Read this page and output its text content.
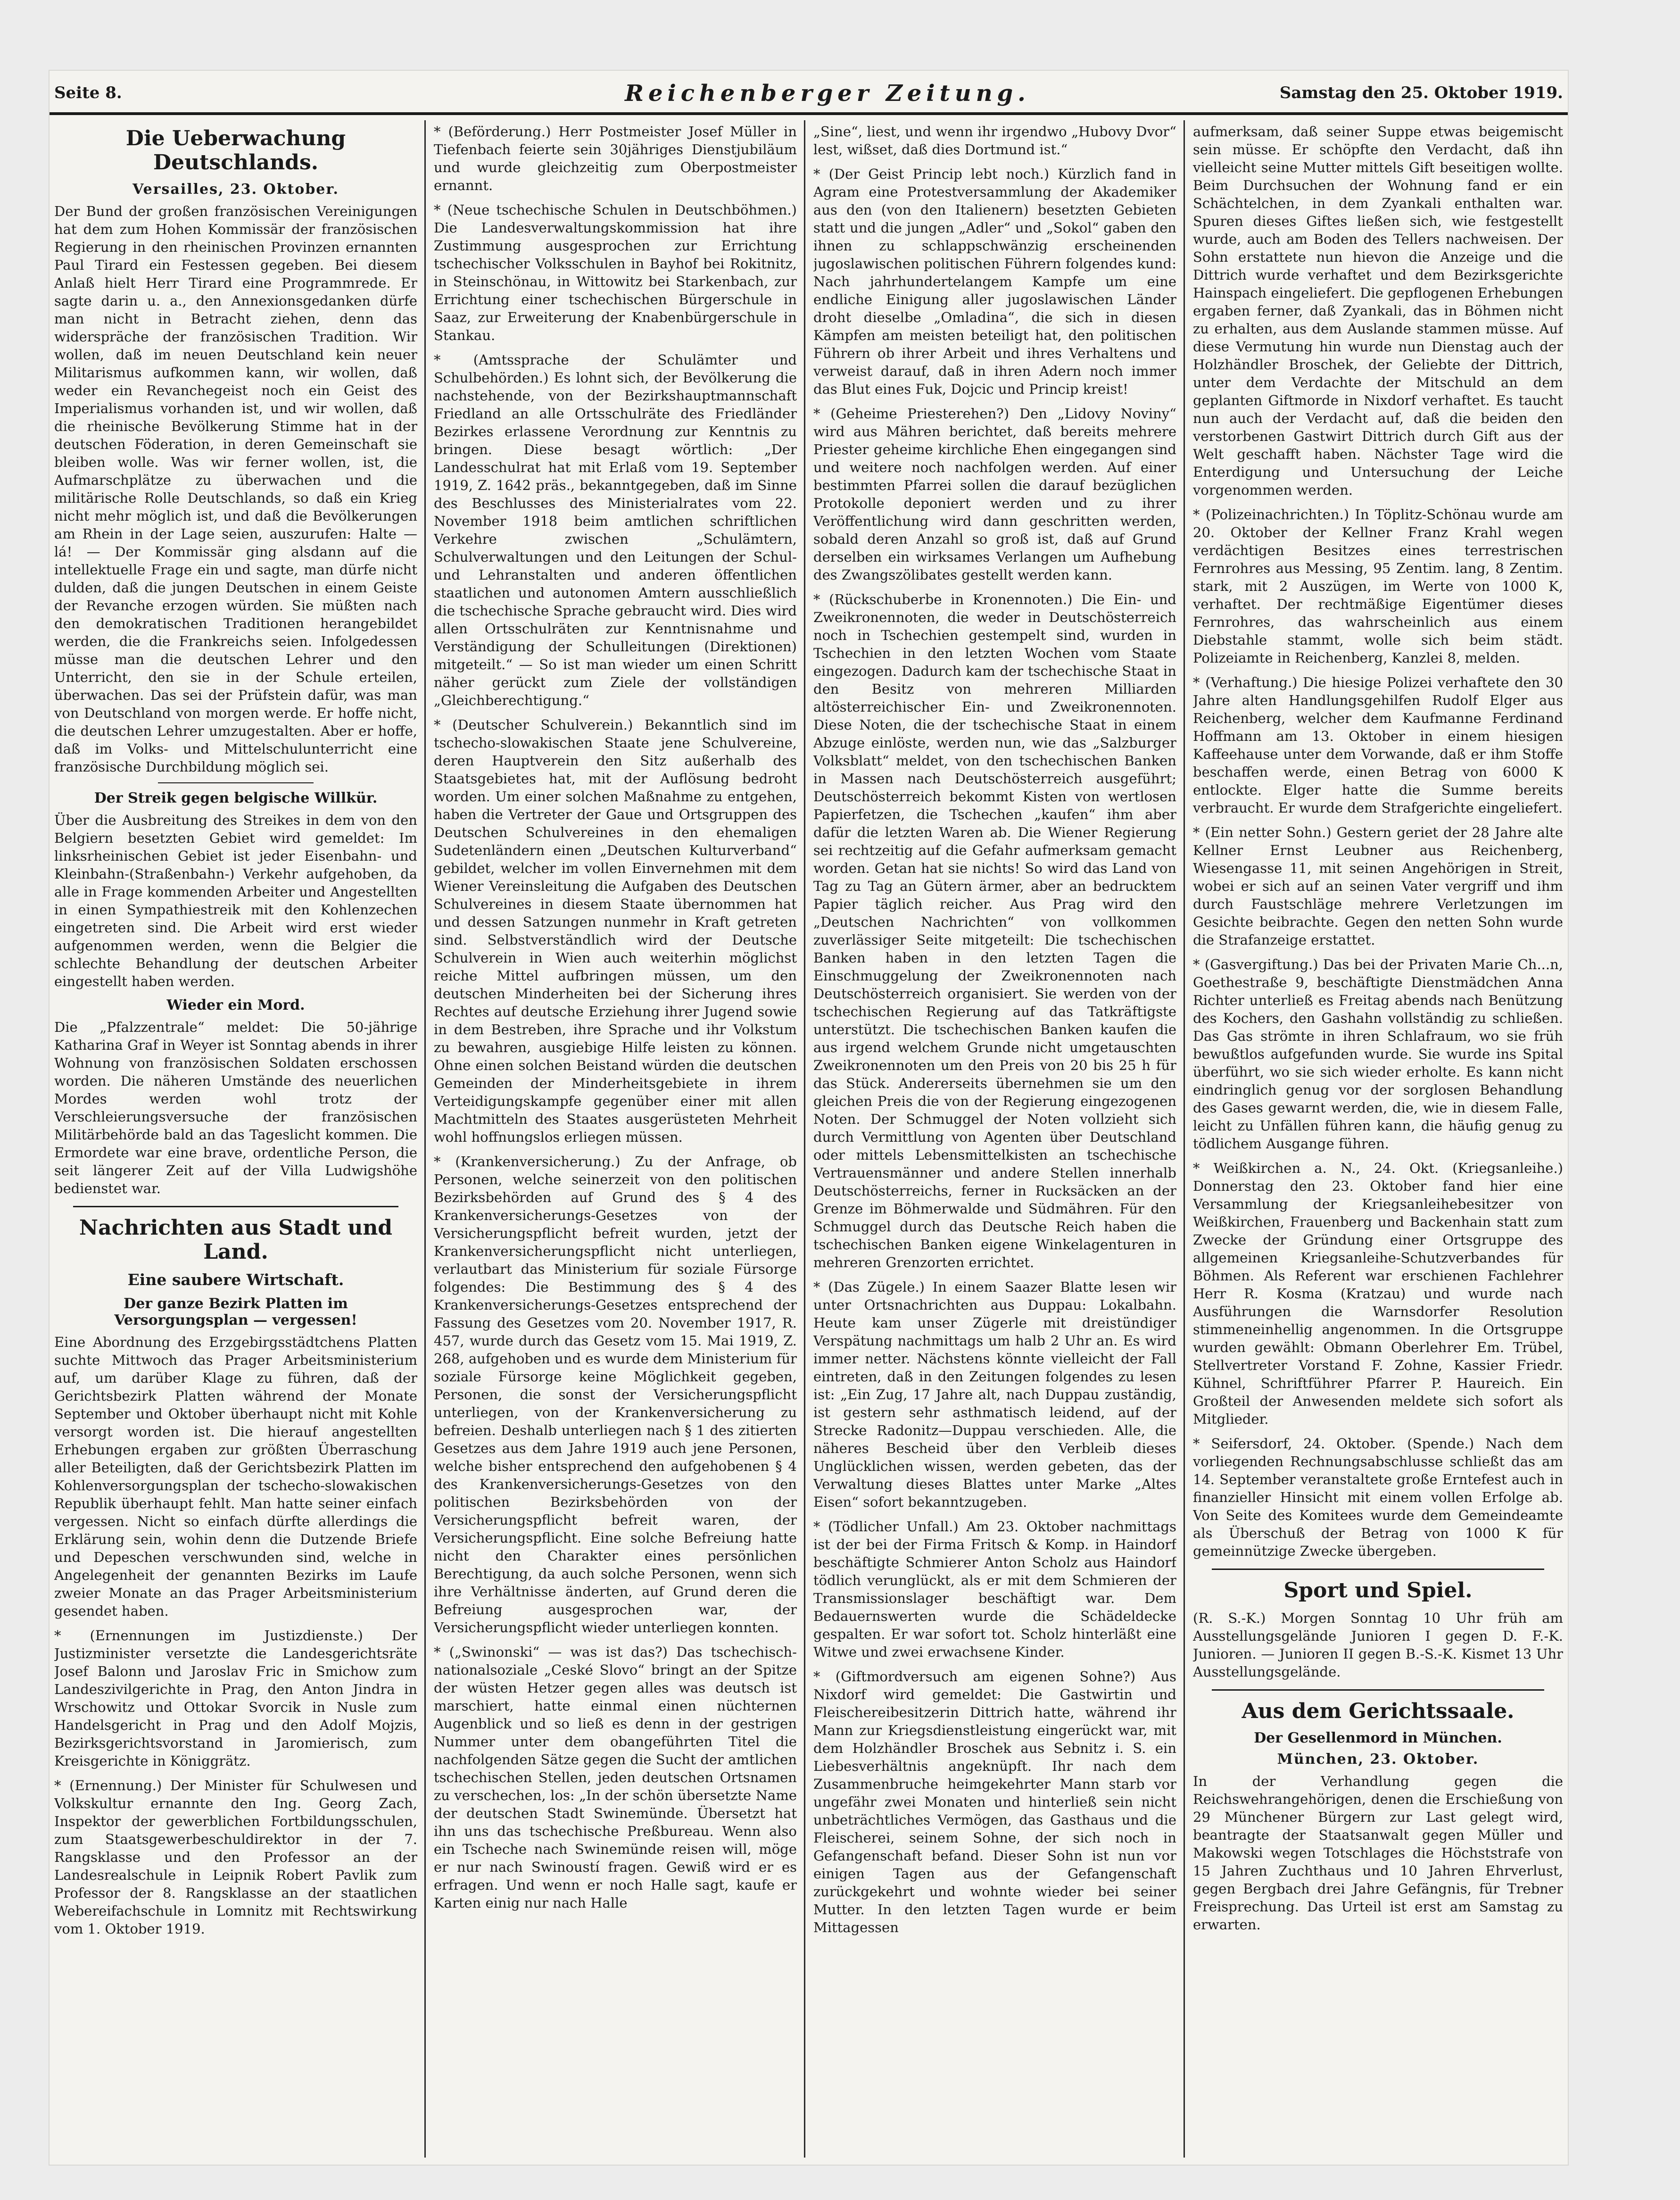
Seite 8.	Reichenberger Zeitung.	Samstag den 25. Oktober 1919.
Die Ueberwachung Deutschlands.
Versailles, 23. Oktober.

Der Bund der großen französischen Vereinigungen hat dem zum Hohen Kommissär der französischen Regierung in den rheinischen Provinzen ernannten Paul Tirard ein Festessen gegeben. Bei diesem Anlaß hielt Herr Tirard eine Programmrede. Er sagte darin u. a., den Annexionsgedanken dürfe man nicht in Betracht ziehen, denn das widerspräche der französischen Tradition. Wir wollen, daß im neuen Deutschland kein neuer Militarismus aufkommen kann, wir wollen, daß weder ein Revanchegeist noch ein Geist des Imperialismus vorhanden ist, und wir wollen, daß die rheinische Bevölkerung Stimme hat in der deutschen Föderation, in deren Gemeinschaft sie bleiben wolle. Was wir ferner wollen, ist, die Aufmarschplätze zu überwachen und die militärische Rolle Deutschlands, so daß ein Krieg nicht mehr möglich ist, und daß die Bevölkerungen am Rhein in der Lage seien, auszurufen: Halte — lá! — Der Kommissär ging alsdann auf die intellektuelle Frage ein und sagte, man dürfe nicht dulden, daß die jungen Deutschen in einem Geiste der Revanche erzogen würden. Sie müßten nach den demokratischen Traditionen herangebildet werden, die die Frankreichs seien. Infolgedessen müsse man die deutschen Lehrer und den Unterricht, den sie in der Schule erteilen, überwachen. Das sei der Prüfstein dafür, was man von Deutschland von morgen werde. Er hoffe nicht, die deutschen Lehrer umzugestalten. Aber er hoffe, daß im Volks- und Mittelschulunterricht eine französische Durchbildung möglich sei.

Der Streik gegen belgische Willkür.

Über die Ausbreitung des Streikes in dem von den Belgiern besetzten Gebiet wird gemeldet: Im linksrheinischen Gebiet ist jeder Eisenbahn- und Kleinbahn-(Straßenbahn-) Verkehr aufgehoben, da alle in Frage kommenden Arbeiter und Angestellten in einen Sympathiestreik mit den Kohlenzechen eingetreten sind. Die Arbeit wird erst wieder aufgenommen werden, wenn die Belgier die schlechte Behandlung der deutschen Arbeiter eingestellt haben werden.

Wieder ein Mord.

Die „Pfalzzentrale“ meldet: Die 50-jährige Katharina Graf in Weyer ist Sonntag abends in ihrer Wohnung von französischen Soldaten erschossen worden. Die näheren Umstände des neuerlichen Mordes werden wohl trotz der Verschleierungsversuche der französischen Militärbehörde bald an das Tageslicht kommen. Die Ermordete war eine brave, ordentliche Person, die seit längerer Zeit auf der Villa Ludwigshöhe bedienstet war.

Nachrichten aus Stadt und Land.
Eine saubere Wirtschaft.
Der ganze Bezirk Platten im Versorgungsplan — vergessen!

Eine Abordnung des Erzgebirgsstädtchens Platten suchte Mittwoch das Prager Arbeitsministerium auf, um darüber Klage zu führen, daß der Gerichtsbezirk Platten während der Monate September und Oktober überhaupt nicht mit Kohle versorgt worden ist. Die hierauf angestellten Erhebungen ergaben zur größten Überraschung aller Beteiligten, daß der Gerichtsbezirk Platten im Kohlenversorgungsplan der tschecho-slowakischen Republik überhaupt fehlt. Man hatte seiner einfach vergessen. Nicht so einfach dürfte allerdings die Erklärung sein, wohin denn die Dutzende Briefe und Depeschen verschwunden sind, welche in Angelegenheit der genannten Bezirks im Laufe zweier Monate an das Prager Arbeitsministerium gesendet haben.

* (Ernennungen im Justizdienste.) Der Justizminister versetzte die Landesgerichtsräte Josef Balonn und Jaroslav Fric in Smichow zum Landeszivilgerichte in Prag, den Anton Jindra in Wrschowitz und Ottokar Svorcik in Nusle zum Handelsgericht in Prag und den Adolf Mojzis, Bezirksgerichtsvorstand in Jaromierisch, zum Kreisgerichte in Königgrätz.

* (Ernennung.) Der Minister für Schulwesen und Volkskultur ernannte den Ing. Georg Zach, Inspektor der gewerblichen Fortbildungsschulen, zum Staatsgewerbeschuldirektor in der 7. Rangsklasse und den Professor an der Landesrealschule in Leipnik Robert Pavlik zum Professor der 8. Rangsklasse an der staatlichen Webereifachschule in Lomnitz mit Rechtswirkung vom 1. Oktober 1919.

* (Beförderung.) Herr Postmeister Josef Müller in Tiefenbach feierte sein 30jähriges Dienstjubiläum und wurde gleichzeitig zum Oberpostmeister ernannt.

* (Neue tschechische Schulen in Deutschböhmen.) Die Landesverwaltungskommission hat ihre Zustimmung ausgesprochen zur Errichtung tschechischer Volksschulen in Bayhof bei Rokitnitz, in Steinschönau, in Wittowitz bei Starkenbach, zur Errichtung einer tschechischen Bürgerschule in Saaz, zur Erweiterung der Knabenbürgerschule in Stankau.

* (Amtssprache der Schulämter und Schulbehörden.) Es lohnt sich, der Bevölkerung die nachstehende, von der Bezirkshauptmannschaft Friedland an alle Ortsschulräte des Friedländer Bezirkes erlassene Verordnung zur Kenntnis zu bringen. Diese besagt wörtlich: „Der Landesschulrat hat mit Erlaß vom 19. September 1919, Z. 1642 präs., bekanntgegeben, daß im Sinne des Beschlusses des Ministerialrates vom 22. November 1918 beim amtlichen schriftlichen Verkehre zwischen „Schulämtern, Schulverwaltungen und den Leitungen der Schul- und Lehranstalten und anderen öffentlichen staatlichen und autonomen Amtern ausschließlich die tschechische Sprache gebraucht wird. Dies wird allen Ortsschulräten zur Kenntnisnahme und Verständigung der Schulleitungen (Direktionen) mitgeteilt.“ — So ist man wieder um einen Schritt näher gerückt zum Ziele der vollständigen „Gleichberechtigung.“

* (Deutscher Schulverein.) Bekanntlich sind im tschecho-slowakischen Staate jene Schulvereine, deren Hauptverein den Sitz außerhalb des Staatsgebietes hat, mit der Auflösung bedroht worden. Um einer solchen Maßnahme zu entgehen, haben die Vertreter der Gaue und Ortsgruppen des Deutschen Schulvereines in den ehemaligen Sudetenländern einen „Deutschen Kulturverband“ gebildet, welcher im vollen Einvernehmen mit dem Wiener Vereinsleitung die Aufgaben des Deutschen Schulvereines in diesem Staate übernommen hat und dessen Satzungen nunmehr in Kraft getreten sind. Selbstverständlich wird der Deutsche Schulverein in Wien auch weiterhin möglichst reiche Mittel aufbringen müssen, um den deutschen Minderheiten bei der Sicherung ihres Rechtes auf deutsche Erziehung ihrer Jugend sowie in dem Bestreben, ihre Sprache und ihr Volkstum zu bewahren, ausgiebige Hilfe leisten zu können. Ohne einen solchen Beistand würden die deutschen Gemeinden der Minderheitsgebiete in ihrem Verteidigungskampfe gegenüber einer mit allen Machtmitteln des Staates ausgerüsteten Mehrheit wohl hoffnungslos erliegen müssen.

* (Krankenversicherung.) Zu der Anfrage, ob Personen, welche seinerzeit von den politischen Bezirksbehörden auf Grund des § 4 des Krankenversicherungs-Gesetzes von der Versicherungspflicht befreit wurden, jetzt der Krankenversicherungspflicht nicht unterliegen, verlautbart das Ministerium für soziale Fürsorge folgendes: Die Bestimmung des § 4 des Krankenversicherungs-Gesetzes entsprechend der Fassung des Gesetzes vom 20. November 1917, R. 457, wurde durch das Gesetz vom 15. Mai 1919, Z. 268, aufgehoben und es wurde dem Ministerium für soziale Fürsorge keine Möglichkeit gegeben, Personen, die sonst der Versicherungspflicht unterliegen, von der Krankenversicherung zu befreien. Deshalb unterliegen nach § 1 des zitierten Gesetzes aus dem Jahre 1919 auch jene Personen, welche bisher entsprechend den aufgehobenen § 4 des Krankenversicherungs-Gesetzes von den politischen Bezirksbehörden von der Versicherungspflicht befreit waren, der Versicherungspflicht. Eine solche Befreiung hatte nicht den Charakter eines persönlichen Berechtigung, da auch solche Personen, wenn sich ihre Verhältnisse änderten, auf Grund deren die Befreiung ausgesprochen war, der Versicherungspflicht wieder unterliegen konnten.

* („Swinonski“ — was ist das?) Das tschechisch-nationalsoziale „Ceské Slovo“ bringt an der Spitze der wüsten Hetzer gegen alles was deutsch ist marschiert, hatte einmal einen nüchternen Augenblick und so ließ es denn in der gestrigen Nummer unter dem obangeführten Titel die nachfolgenden Sätze gegen die Sucht der amtlichen tschechischen Stellen, jeden deutschen Ortsnamen zu verschechen, los: „In der schön übersetzte Name der deutschen Stadt Swinemünde. Übersetzt hat ihn uns das tschechische Preßbureau. Wenn also ein Tscheche nach Swinemünde reisen will, möge er nur nach Swinoustí fragen. Gewiß wird er es erfragen. Und wenn er noch Halle sagt, kaufe er Karten einig nur nach Halle

„Sine“, liest, und wenn ihr irgendwo „Hubovy Dvor“ lest, wißset, daß dies Dortmund ist.“

* (Der Geist Princip lebt noch.) Kürzlich fand in Agram eine Protestversammlung der Akademiker aus den (von den Italienern) besetzten Gebieten statt und die jungen „Adler“ und „Sokol“ gaben den ihnen zu schlappschwänzig erscheinenden jugoslawischen politischen Führern folgendes kund: Nach jahrhundertelangem Kampfe um eine endliche Einigung aller jugoslawischen Länder droht dieselbe „Omladina“, die sich in diesen Kämpfen am meisten beteiligt hat, den politischen Führern ob ihrer Arbeit und ihres Verhaltens und verweist darauf, daß in ihren Adern noch immer das Blut eines Fuk, Dojcic und Princip kreist!

* (Geheime Priesterehen?) Den „Lidovy Noviny“ wird aus Mähren berichtet, daß bereits mehrere Priester geheime kirchliche Ehen eingegangen sind und weitere noch nachfolgen werden. Auf einer bestimmten Pfarrei sollen die darauf bezüglichen Protokolle deponiert werden und zu ihrer Veröffentlichung wird dann geschritten werden, sobald deren Anzahl so groß ist, daß auf Grund derselben ein wirksames Verlangen um Aufhebung des Zwangszölibates gestellt werden kann.

* (Rückschuberbe in Kronennoten.) Die Ein- und Zweikronennoten, die weder in Deutschösterreich noch in Tschechien gestempelt sind, wurden in Tschechien in den letzten Wochen vom Staate eingezogen. Dadurch kam der tschechische Staat in den Besitz von mehreren Milliarden altösterreichischer Ein- und Zweikronennoten. Diese Noten, die der tschechische Staat in einem Abzuge einlöste, werden nun, wie das „Salzburger Volksblatt“ meldet, von den tschechischen Banken in Massen nach Deutschösterreich ausgeführt; Deutschösterreich bekommt Kisten von wertlosen Papierfetzen, die Tschechen „kaufen“ ihm aber dafür die letzten Waren ab. Die Wiener Regierung sei rechtzeitig auf die Gefahr aufmerksam gemacht worden. Getan hat sie nichts! So wird das Land von Tag zu Tag an Gütern ärmer, aber an bedrucktem Papier täglich reicher. Aus Prag wird den „Deutschen Nachrichten“ von vollkommen zuverlässiger Seite mitgeteilt: Die tschechischen Banken haben in den letzten Tagen die Einschmuggelung der Zweikronennoten nach Deutschösterreich organisiert. Sie werden von der tschechischen Regierung auf das Tatkräftigste unterstützt. Die tschechischen Banken kaufen die aus irgend welchem Grunde nicht umgetauschten Zweikronennoten um den Preis von 20 bis 25 h für das Stück. Andererseits übernehmen sie um den gleichen Preis die von der Regierung eingezogenen Noten. Der Schmuggel der Noten vollzieht sich durch Vermittlung von Agenten über Deutschland oder mittels Lebensmittelkisten an tschechische Vertrauensmänner und andere Stellen innerhalb Deutschösterreichs, ferner in Rucksäcken an der Grenze im Böhmerwalde und Südmähren. Für den Schmuggel durch das Deutsche Reich haben die tschechischen Banken eigene Winkelagenturen in mehreren Grenzorten errichtet.

* (Das Zügele.) In einem Saazer Blatte lesen wir unter Ortsnachrichten aus Duppau: Lokalbahn. Heute kam unser Zügerle mit dreistündiger Verspätung nachmittags um halb 2 Uhr an. Es wird immer netter. Nächstens könnte vielleicht der Fall eintreten, daß in den Zeitungen folgendes zu lesen ist: „Ein Zug, 17 Jahre alt, nach Duppau zuständig, ist gestern sehr asthmatisch leidend, auf der Strecke Radonitz—Duppau verschieden. Alle, die näheres Bescheid über den Verbleib dieses Unglücklichen wissen, werden gebeten, das der Verwaltung dieses Blattes unter Marke „Altes Eisen“ sofort bekanntzugeben.

* (Tödlicher Unfall.) Am 23. Oktober nachmittags ist der bei der Firma Fritsch & Komp. in Haindorf beschäftigte Schmierer Anton Scholz aus Haindorf tödlich verunglückt, als er mit dem Schmieren der Transmissionslager beschäftigt war. Dem Bedauernswerten wurde die Schädeldecke gespalten. Er war sofort tot. Scholz hinterläßt eine Witwe und zwei erwachsene Kinder.

* (Giftmordversuch am eigenen Sohne?) Aus Nixdorf wird gemeldet: Die Gastwirtin und Fleischereibesitzerin Dittrich hatte, während ihr Mann zur Kriegsdienstleistung eingerückt war, mit dem Holzhändler Broschek aus Sebnitz i. S. ein Liebesverhältnis angeknüpft. Ihr nach dem Zusammenbruche heimgekehrter Mann starb vor ungefähr zwei Monaten und hinterließ sein nicht unbeträchtliches Vermögen, das Gasthaus und die Fleischerei, seinem Sohne, der sich noch in Gefangenschaft befand. Dieser Sohn ist nun vor einigen Tagen aus der Gefangenschaft zurückgekehrt und wohnte wieder bei seiner Mutter. In den letzten Tagen wurde er beim Mittagessen

aufmerksam, daß seiner Suppe etwas beigemischt sein müsse. Er schöpfte den Verdacht, daß ihn vielleicht seine Mutter mittels Gift beseitigen wollte. Beim Durchsuchen der Wohnung fand er ein Schächtelchen, in dem Zyankali enthalten war. Spuren dieses Giftes ließen sich, wie festgestellt wurde, auch am Boden des Tellers nachweisen. Der Sohn erstattete nun hievon die Anzeige und die Dittrich wurde verhaftet und dem Bezirksgerichte Hainspach eingeliefert. Die gepflogenen Erhebungen ergaben ferner, daß Zyankali, das in Böhmen nicht zu erhalten, aus dem Auslande stammen müsse. Auf diese Vermutung hin wurde nun Dienstag auch der Holzhändler Broschek, der Geliebte der Dittrich, unter dem Verdachte der Mitschuld an dem geplanten Giftmorde in Nixdorf verhaftet. Es taucht nun auch der Verdacht auf, daß die beiden den verstorbenen Gastwirt Dittrich durch Gift aus der Welt geschafft haben. Nächster Tage wird die Enterdigung und Untersuchung der Leiche vorgenommen werden.

* (Polizeinachrichten.) In Töplitz-Schönau wurde am 20. Oktober der Kellner Franz Krahl wegen verdächtigen Besitzes eines terrestrischen Fernrohres aus Messing, 95 Zentim. lang, 8 Zentim. stark, mit 2 Auszügen, im Werte von 1000 K, verhaftet. Der rechtmäßige Eigentümer dieses Fernrohres, das wahrscheinlich aus einem Diebstahle stammt, wolle sich beim städt. Polizeiamte in Reichenberg, Kanzlei 8, melden.

* (Verhaftung.) Die hiesige Polizei verhaftete den 30 Jahre alten Handlungsgehilfen Rudolf Elger aus Reichenberg, welcher dem Kaufmanne Ferdinand Hoffmann am 13. Oktober in einem hiesigen Kaffeehause unter dem Vorwande, daß er ihm Stoffe beschaffen werde, einen Betrag von 6000 K entlockte. Elger hatte die Summe bereits verbraucht. Er wurde dem Strafgerichte eingeliefert.

* (Ein netter Sohn.) Gestern geriet der 28 Jahre alte Kellner Ernst Leubner aus Reichenberg, Wiesengasse 11, mit seinen Angehörigen in Streit, wobei er sich auf an seinen Vater vergriff und ihm durch Faustschläge mehrere Verletzungen im Gesichte beibrachte. Gegen den netten Sohn wurde die Strafanzeige erstattet.

* (Gasvergiftung.) Das bei der Privaten Marie Ch...n, Goethestraße 9, beschäftigte Dienstmädchen Anna Richter unterließ es Freitag abends nach Benützung des Kochers, den Gashahn vollständig zu schließen. Das Gas strömte in ihren Schlafraum, wo sie früh bewußtlos aufgefunden wurde. Sie wurde ins Spital überführt, wo sie sich wieder erholte. Es kann nicht eindringlich genug vor der sorglosen Behandlung des Gases gewarnt werden, die, wie in diesem Falle, leicht zu Unfällen führen kann, die häufig genug zu tödlichem Ausgange führen.

* Weißkirchen a. N., 24. Okt. (Kriegsanleihe.) Donnerstag den 23. Oktober fand hier eine Versammlung der Kriegsanleihebesitzer von Weißkirchen, Frauenberg und Backenhain statt zum Zwecke der Gründung einer Ortsgruppe des allgemeinen Kriegsanleihe-Schutzverbandes für Böhmen. Als Referent war erschienen Fachlehrer Herr R. Kosma (Kratzau) und wurde nach Ausführungen die Warnsdorfer Resolution stimmeneinhellig angenommen. In die Ortsgruppe wurden gewählt: Obmann Oberlehrer Em. Trübel, Stellvertreter Vorstand F. Zohne, Kassier Friedr. Kühnel, Schriftführer Pfarrer P. Haureich. Ein Großteil der Anwesenden meldete sich sofort als Mitglieder.

* Seifersdorf, 24. Oktober. (Spende.) Nach dem vorliegenden Rechnungsabschlusse schließt das am 14. September veranstaltete große Erntefest auch in finanzieller Hinsicht mit einem vollen Erfolge ab. Von Seite des Komitees wurde dem Gemeindeamte als Überschuß der Betrag von 1000 K für gemeinnützige Zwecke übergeben.

Sport und Spiel.

(R. S.-K.) Morgen Sonntag 10 Uhr früh am Ausstellungsgelände Junioren I gegen D. F.-K. Junioren. — Junioren II gegen B.-S.-K. Kismet 13 Uhr Ausstellungsgelände.

Aus dem Gerichtssaale.
Der Gesellenmord in München.
München, 23. Oktober.

In der Verhandlung gegen die Reichswehrangehörigen, denen die Erschießung von 29 Münchener Bürgern zur Last gelegt wird, beantragte der Staatsanwalt gegen Müller und Makowski wegen Totschlages die Höchststrafe von 15 Jahren Zuchthaus und 10 Jahren Ehrverlust, gegen Bergbach drei Jahre Gefängnis, für Trebner Freisprechung. Das Urteil ist erst am Samstag zu erwarten.
